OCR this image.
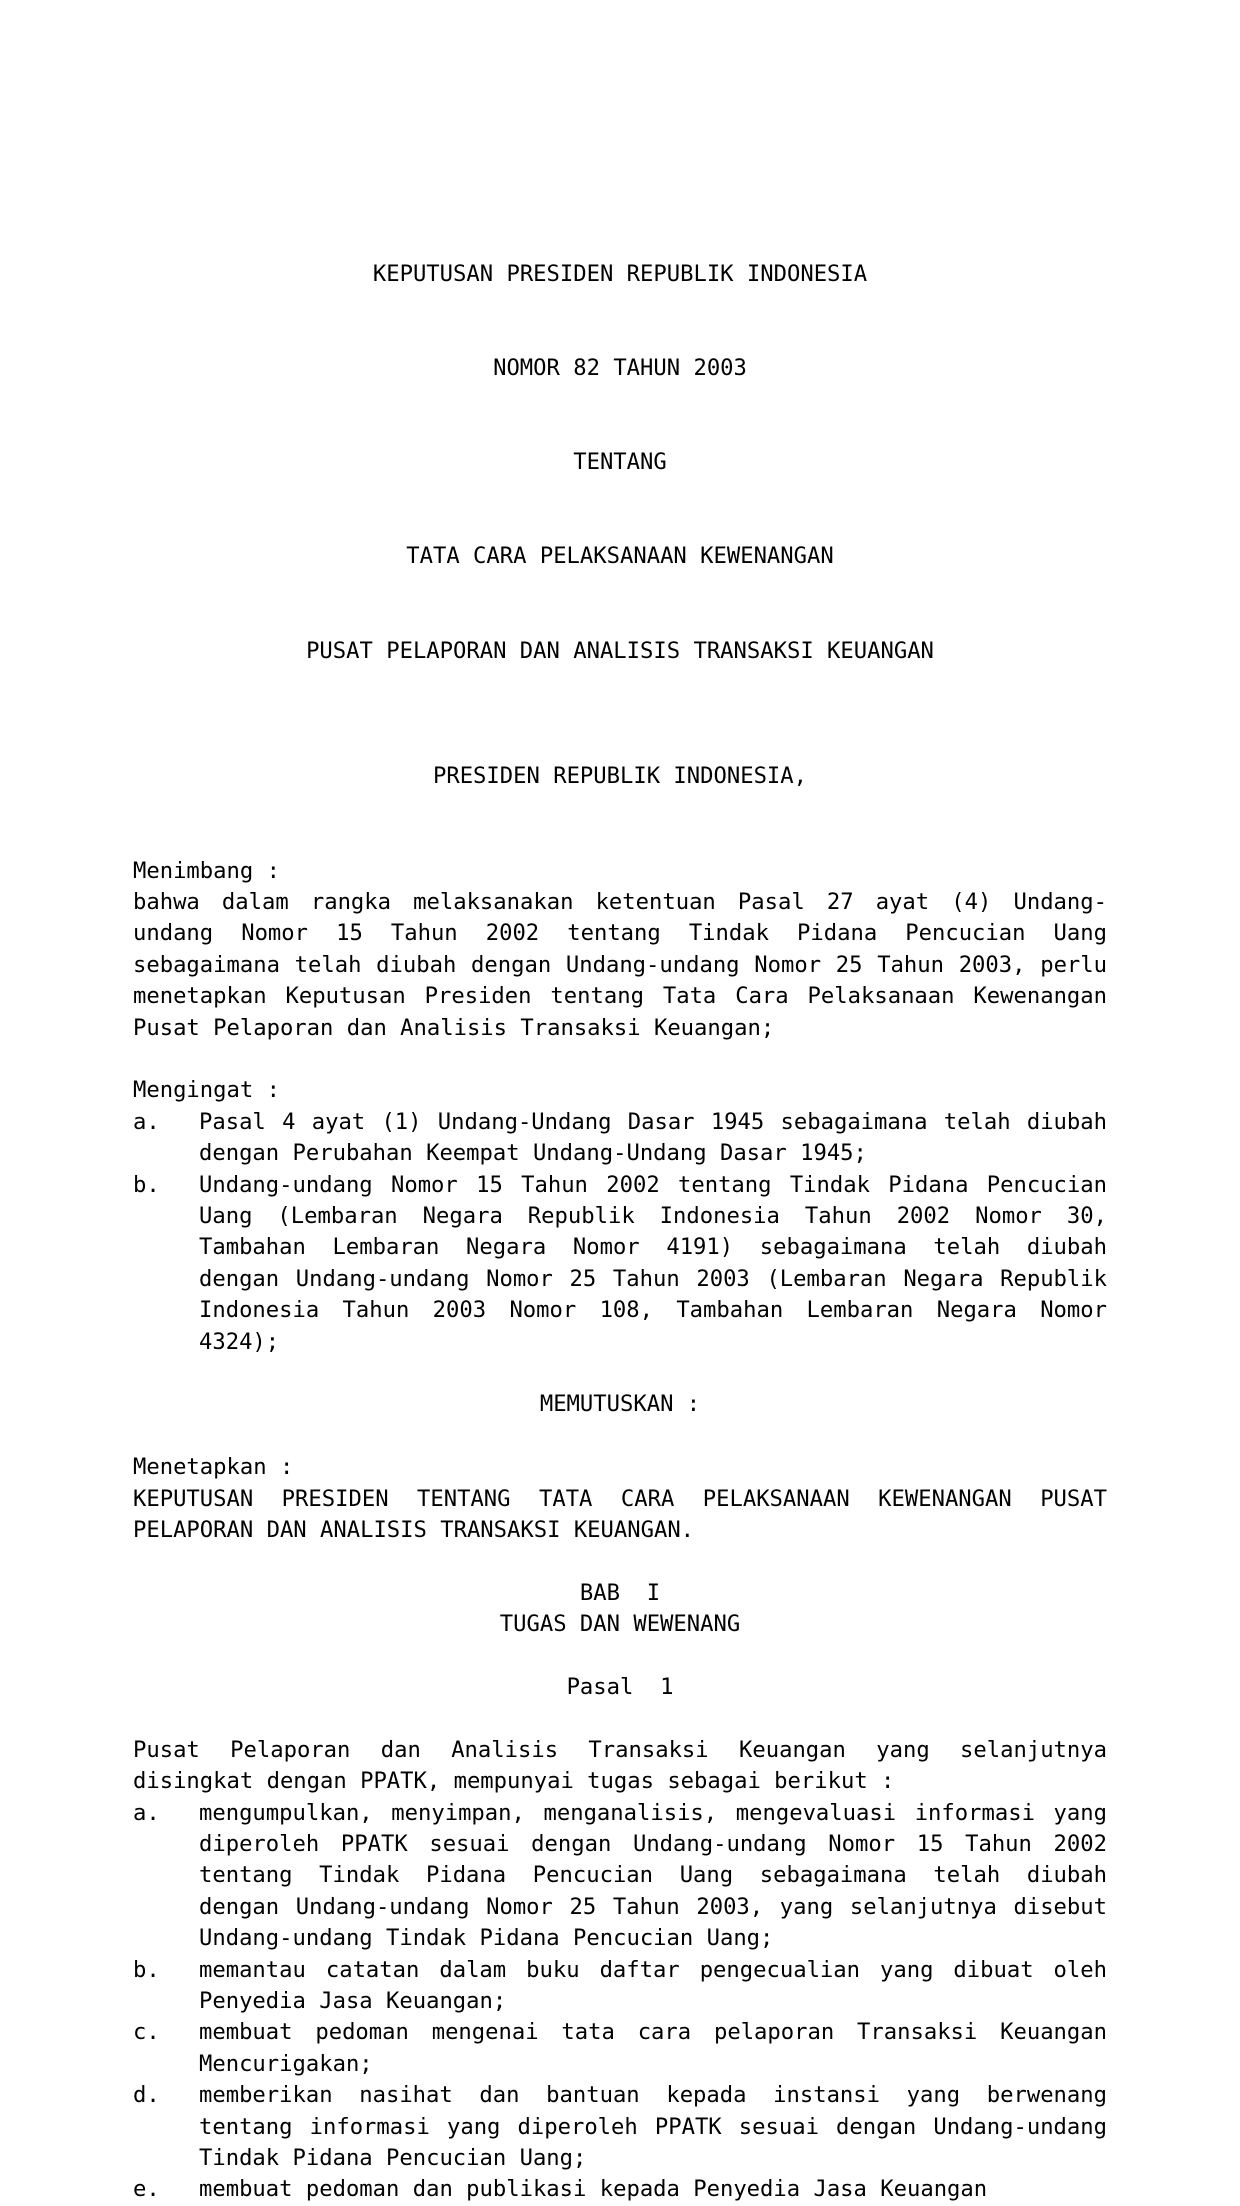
KEPUTUSAN PRESIDEN REPUBLIK INDONESIA

NOMOR 82 TAHUN 2003

TENTANG

TATA CARA PELAKSANAAN KEWENANGAN

PUSAT PELAPORAN DAN ANALISIS TRANSAKSI KEUANGAN

PRESIDEN REPUBLIK INDONESIA,
Menimbang :
bahwa dalam rangka melaksanakan ketentuan Pasal 27 ayat (4) Undang-undang Nomor 15 Tahun 2002 tentang Tindak Pidana Pencucian Uang sebagaimana telah diubah dengan Undang-undang Nomor 25 Tahun 2003, perlu menetapkan Keputusan Presiden tentang Tata Cara Pelaksanaan Kewenangan Pusat Pelaporan dan Analisis Transaksi Keuangan;
Mengingat :
a.	Pasal 4 ayat (1) Undang-Undang Dasar 1945 sebagaimana telah diubah dengan Perubahan Keempat Undang-Undang Dasar 1945;
b.	Undang-undang Nomor 15 Tahun 2002 tentang Tindak Pidana Pencucian Uang (Lembaran Negara Republik Indonesia Tahun 2002 Nomor 30, Tambahan Lembaran Negara Nomor 4191) sebagaimana telah diubah dengan Undang-undang Nomor 25 Tahun 2003 (Lembaran Negara Republik Indonesia Tahun 2003 Nomor 108, Tambahan Lembaran Negara Nomor 4324);
MEMUTUSKAN :
Menetapkan :
KEPUTUSAN PRESIDEN TENTANG TATA CARA PELAKSANAAN KEWENANGAN PUSAT PELAPORAN DAN ANALISIS TRANSAKSI KEUANGAN.
BAB  I
TUGAS DAN WEWENANG
Pasal  1
Pusat Pelaporan dan Analisis Transaksi Keuangan yang selanjutnya disingkat dengan PPATK, mempunyai tugas sebagai berikut :
a.	mengumpulkan, menyimpan, menganalisis, mengevaluasi informasi yang diperoleh PPATK sesuai dengan Undang-undang Nomor 15 Tahun 2002 tentang Tindak Pidana Pencucian Uang sebagaimana telah diubah dengan Undang-undang Nomor 25 Tahun 2003, yang selanjutnya disebut Undang-undang Tindak Pidana Pencucian Uang;
b.	memantau catatan dalam buku daftar pengecualian yang dibuat oleh Penyedia Jasa Keuangan;
c.	membuat pedoman mengenai tata cara pelaporan Transaksi Keuangan Mencurigakan;
d.	memberikan nasihat dan bantuan kepada instansi yang berwenang tentang informasi yang diperoleh PPATK sesuai dengan Undang-undang Tindak Pidana Pencucian Uang;
e.	membuat pedoman dan publikasi kepada Penyedia Jasa Keuangan
